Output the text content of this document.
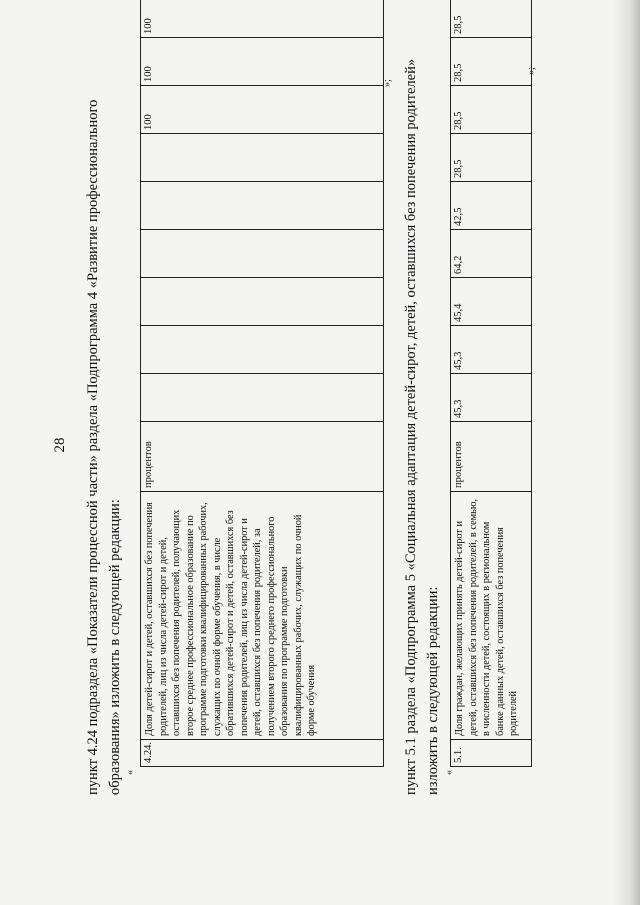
28 пункт 4.24 подраздела «Показатели процессной части» раздела «Подпрограмма 4 «Развитие профессионального образования» изложить в следующей редакции: «
4.24.	Доля детей-сирот и детей, оставшихся без попечения родителей, лиц из числа детей-сирот и детей, оставшихся без попечения родителей, получающих второе среднее профессиональное образование по программе подготовки квалифицированных рабочих, служащих по очной форме обучения, в числе обратившихся детей-сирот и детей, оставшихся без попечения родителей, лиц из числа детей-сирот и детей, оставшихся без попечения родителей, за получением второго среднего профессионального образования по программе подготовки квалифицированных рабочих, служащих по очной форме обучения	процентов							100	100	100	
»; пункт 5.1 раздела «Подпрограмма 5 «Социальная адаптация детей-сирот, детей, оставшихся без попечения родителей» изложить в следующей редакции: «
5.1.	Доля граждан, желающих принять детей-сирот и детей, оставшихся без попечения родителей, в семью, в численности детей, состоящих в региональном банке данных детей, оставшихся без попечения родителей	процентов	45,3	45,3	45,4	64,2	42,5	28,5	28,5	28,5	28,5	
»;
